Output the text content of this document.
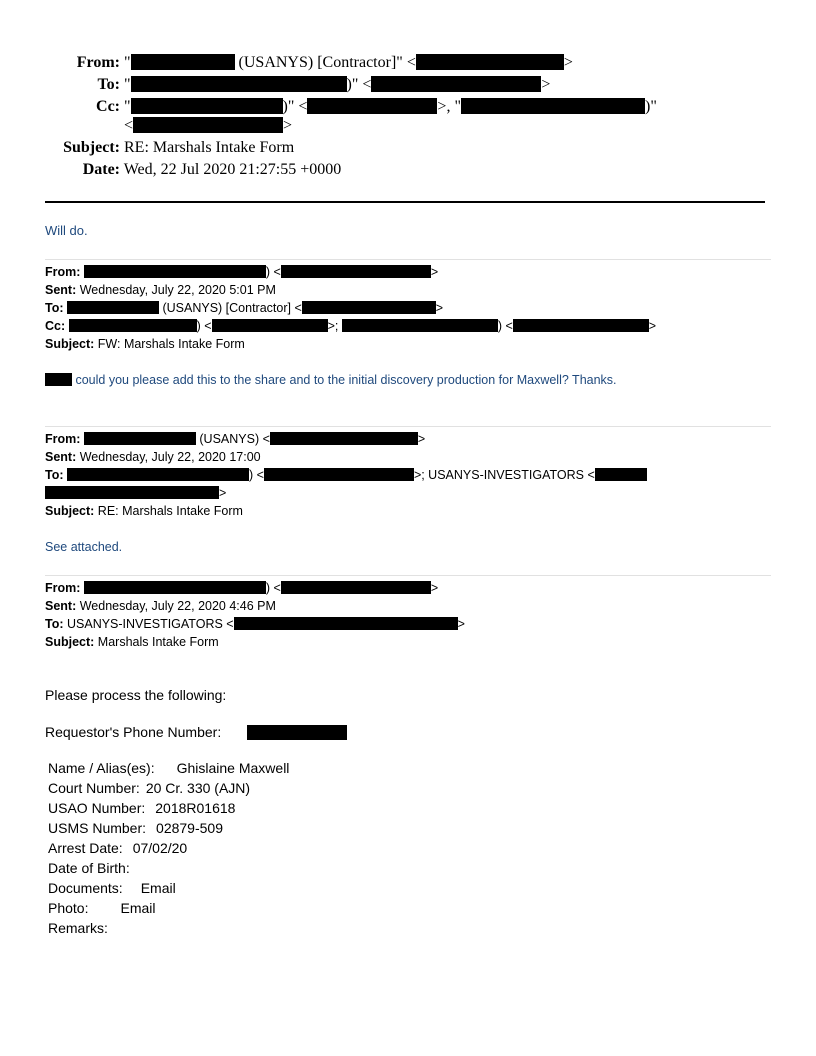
From: "	(USANYS) [Contractor]" <	>
To: "	)" <	>
Cc: "	)" <	>, "	)"
<	>
Subject: RE: Marshals Intake Form
Date: Wed, 22 Jul 2020 21:27:55 +0000
Will do.
From:	) <	>
Sent: Wednesday, July 22, 2020 5:01 PM
To:	(USANYS) [Contractor] <	>
Cc:	) <	>;	) <	>
Subject: FW: Marshals Intake Form
could you please add this to the share and to the initial discovery production for Maxwell? Thanks.
From:	(USANYS) <	>
Sent: Wednesday, July 22, 2020 17:00
To:	) <	>; USANYS-INVESTIGATORS <
>
Subject: RE: Marshals Intake Form
See attached.
From:	) <	>
Sent: Wednesday, July 22, 2020 4:46 PM
To: USANYS-INVESTIGATORS <	>
Subject: Marshals Intake Form
Please process the following:
Requestor's Phone Number:
Name / Alias(es): Ghislaine Maxwell
Court Number: 20 Cr. 330 (AJN)
USAO Number: 2018R01618
USMS Number: 02879-509
Arrest Date: 07/02/20
Date of Birth:
Documents: Email
Photo: Email
Remarks:
